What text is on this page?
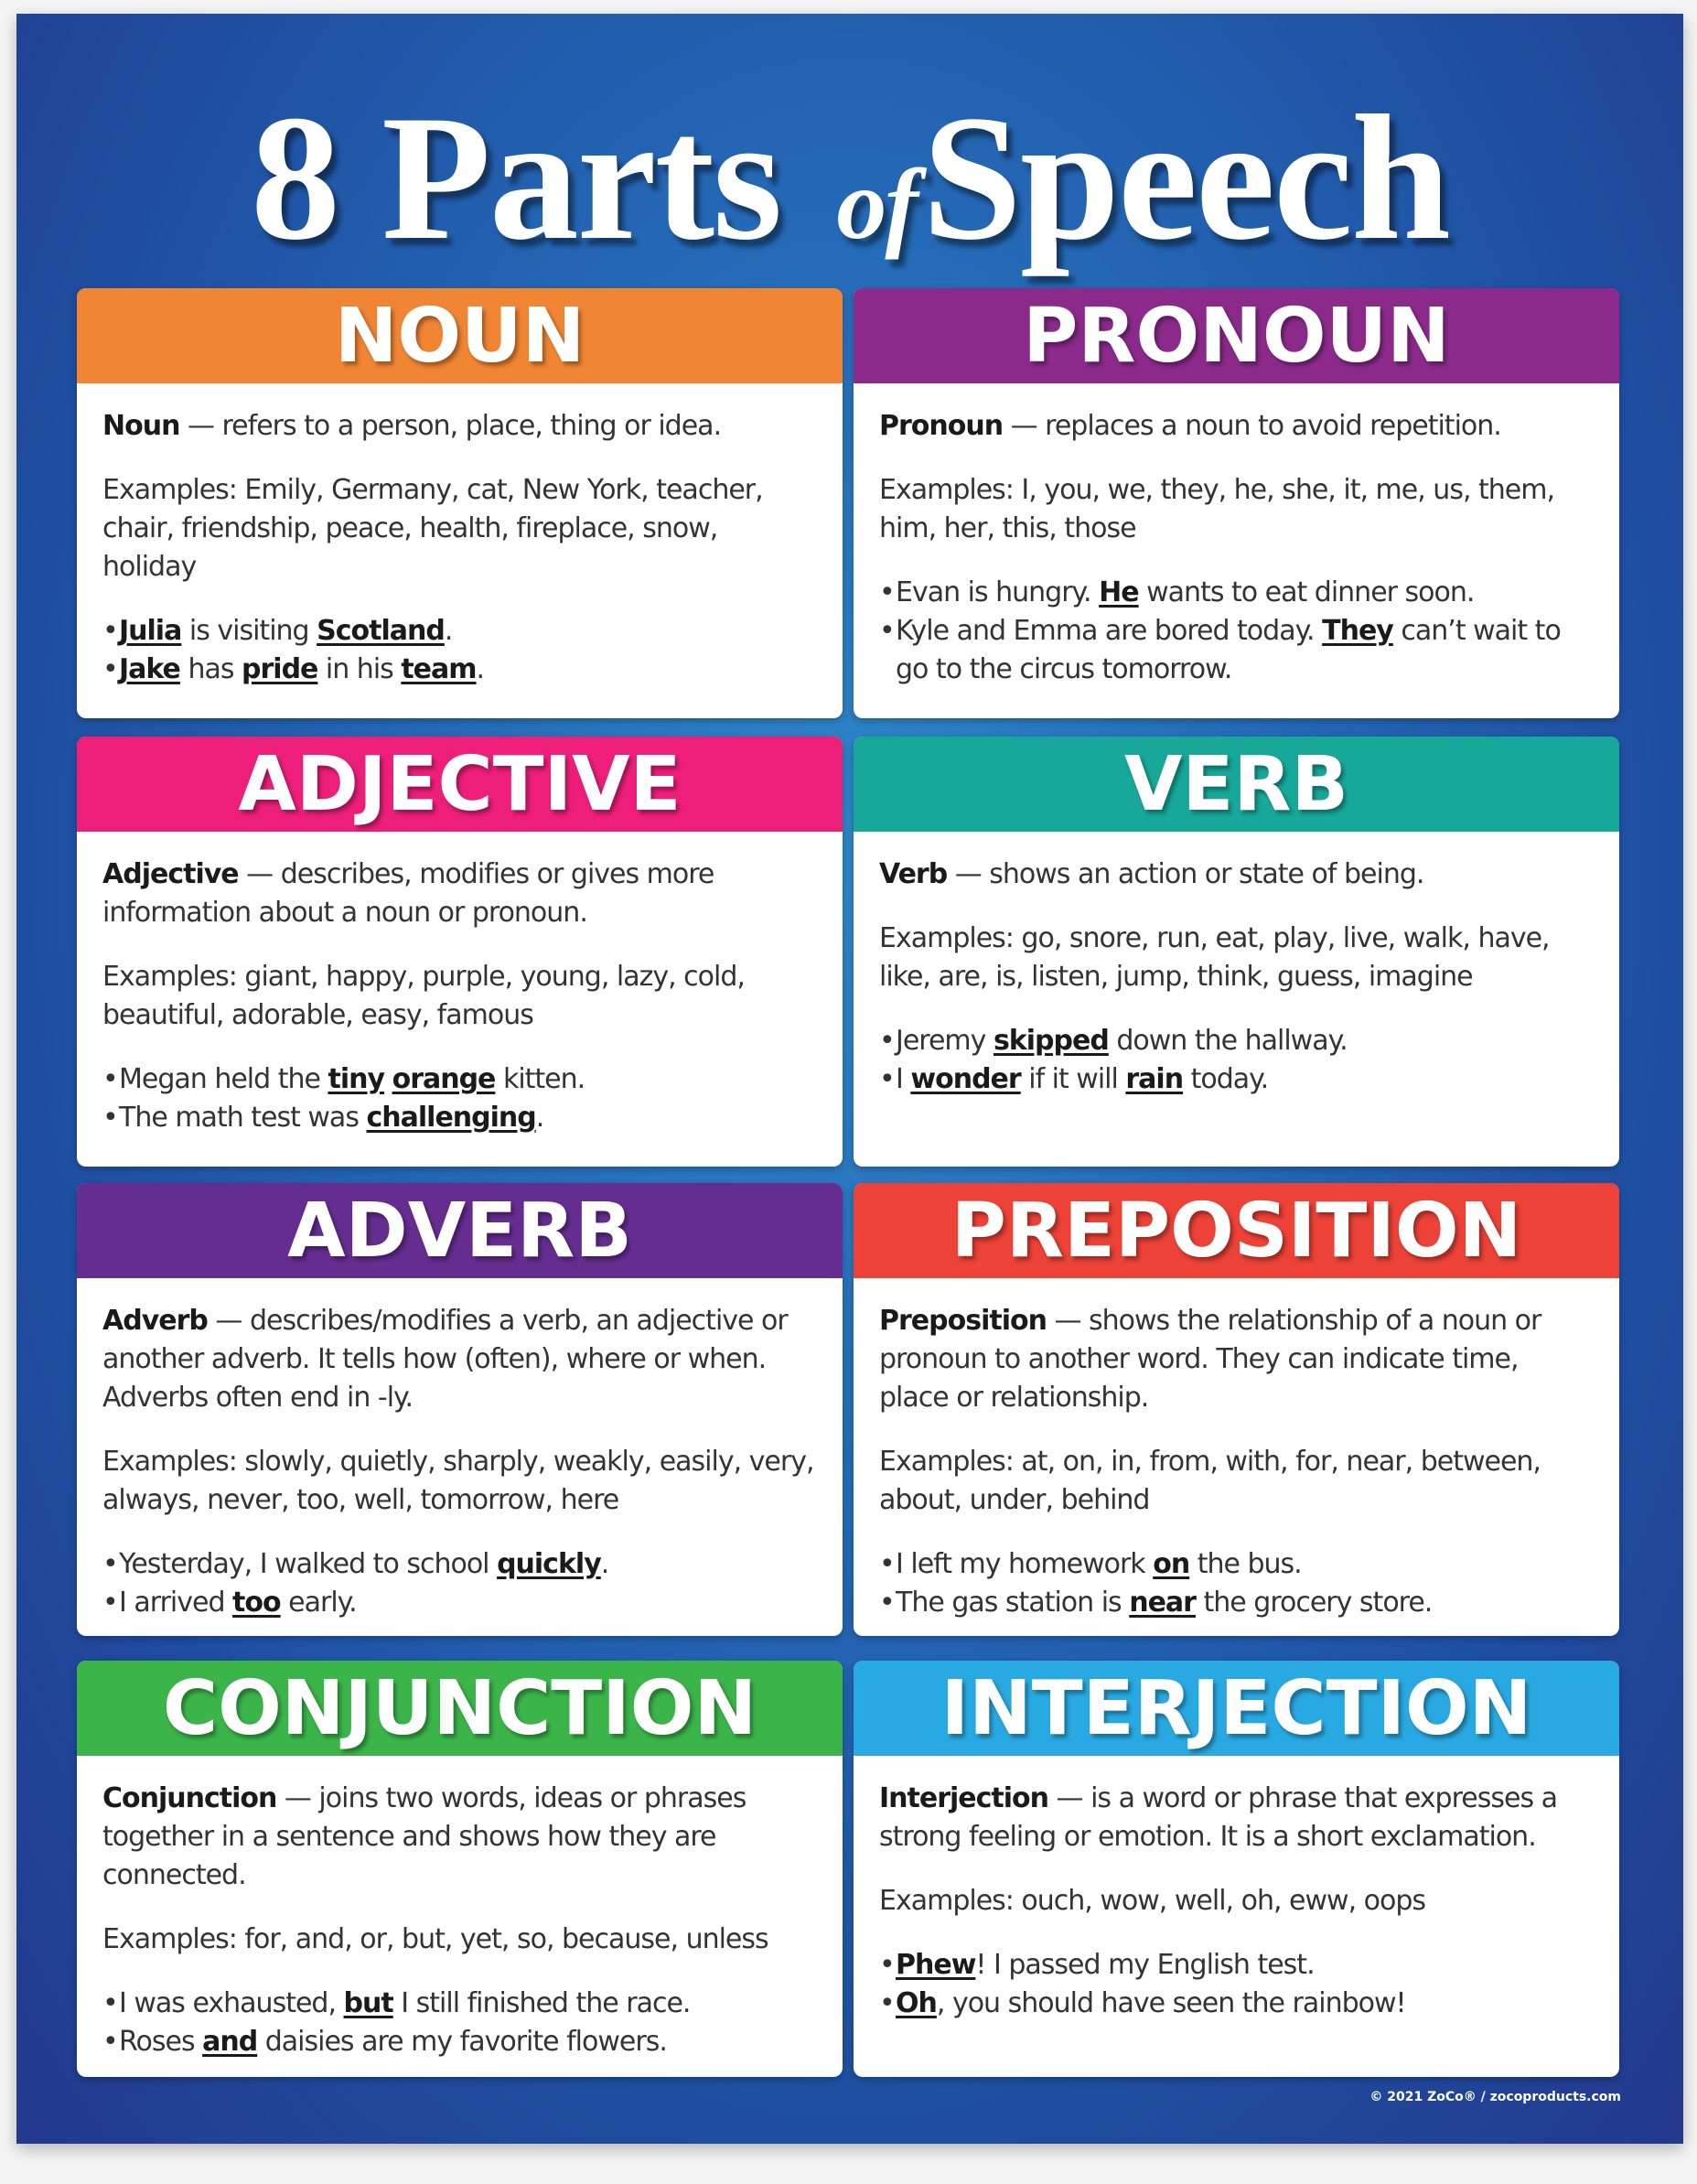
8 Parts ofSpeech
NOUN

Noun — refers to a person, place, thing or idea.

Examples: Emily, Germany, cat, New York, teacher, chair, friendship, peace, health, fireplace, snow, holiday

• Julia is visiting Scotland.
• Jake has pride in his team.
PRONOUN

Pronoun — replaces a noun to avoid repetition.

Examples: I, you, we, they, he, she, it, me, us, them, him, her, this, those

• Evan is hungry. He wants to eat dinner soon.
• Kyle and Emma are bored today. They can’t wait to go to the circus tomorrow.
ADJECTIVE

Adjective — describes, modifies or gives more information about a noun or pronoun.

Examples: giant, happy, purple, young, lazy, cold, beautiful, adorable, easy, famous

• Megan held the tiny orange kitten.
• The math test was challenging.
VERB

Verb — shows an action or state of being.

Examples: go, snore, run, eat, play, live, walk, have, like, are, is, listen, jump, think, guess, imagine

• Jeremy skipped down the hallway.
• I wonder if it will rain today.
ADVERB

Adverb — describes/modifies a verb, an adjective or another adverb. It tells how (often), where or when. Adverbs often end in -ly.

Examples: slowly, quietly, sharply, weakly, easily, very, always, never, too, well, tomorrow, here

• Yesterday, I walked to school quickly.
• I arrived too early.
PREPOSITION

Preposition — shows the relationship of a noun or pronoun to another word. They can indicate time, place or relationship.

Examples: at, on, in, from, with, for, near, between, about, under, behind

• I left my homework on the bus.
• The gas station is near the grocery store.
CONJUNCTION

Conjunction — joins two words, ideas or phrases together in a sentence and shows how they are connected.

Examples: for, and, or, but, yet, so, because, unless

• I was exhausted, but I still finished the race.
• Roses and daisies are my favorite flowers.
INTERJECTION

Interjection — is a word or phrase that expresses a strong feeling or emotion. It is a short exclamation.

Examples: ouch, wow, well, oh, eww, oops

• Phew! I passed my English test.
• Oh, you should have seen the rainbow!
© 2021 ZoCo® / zocoproducts.com
